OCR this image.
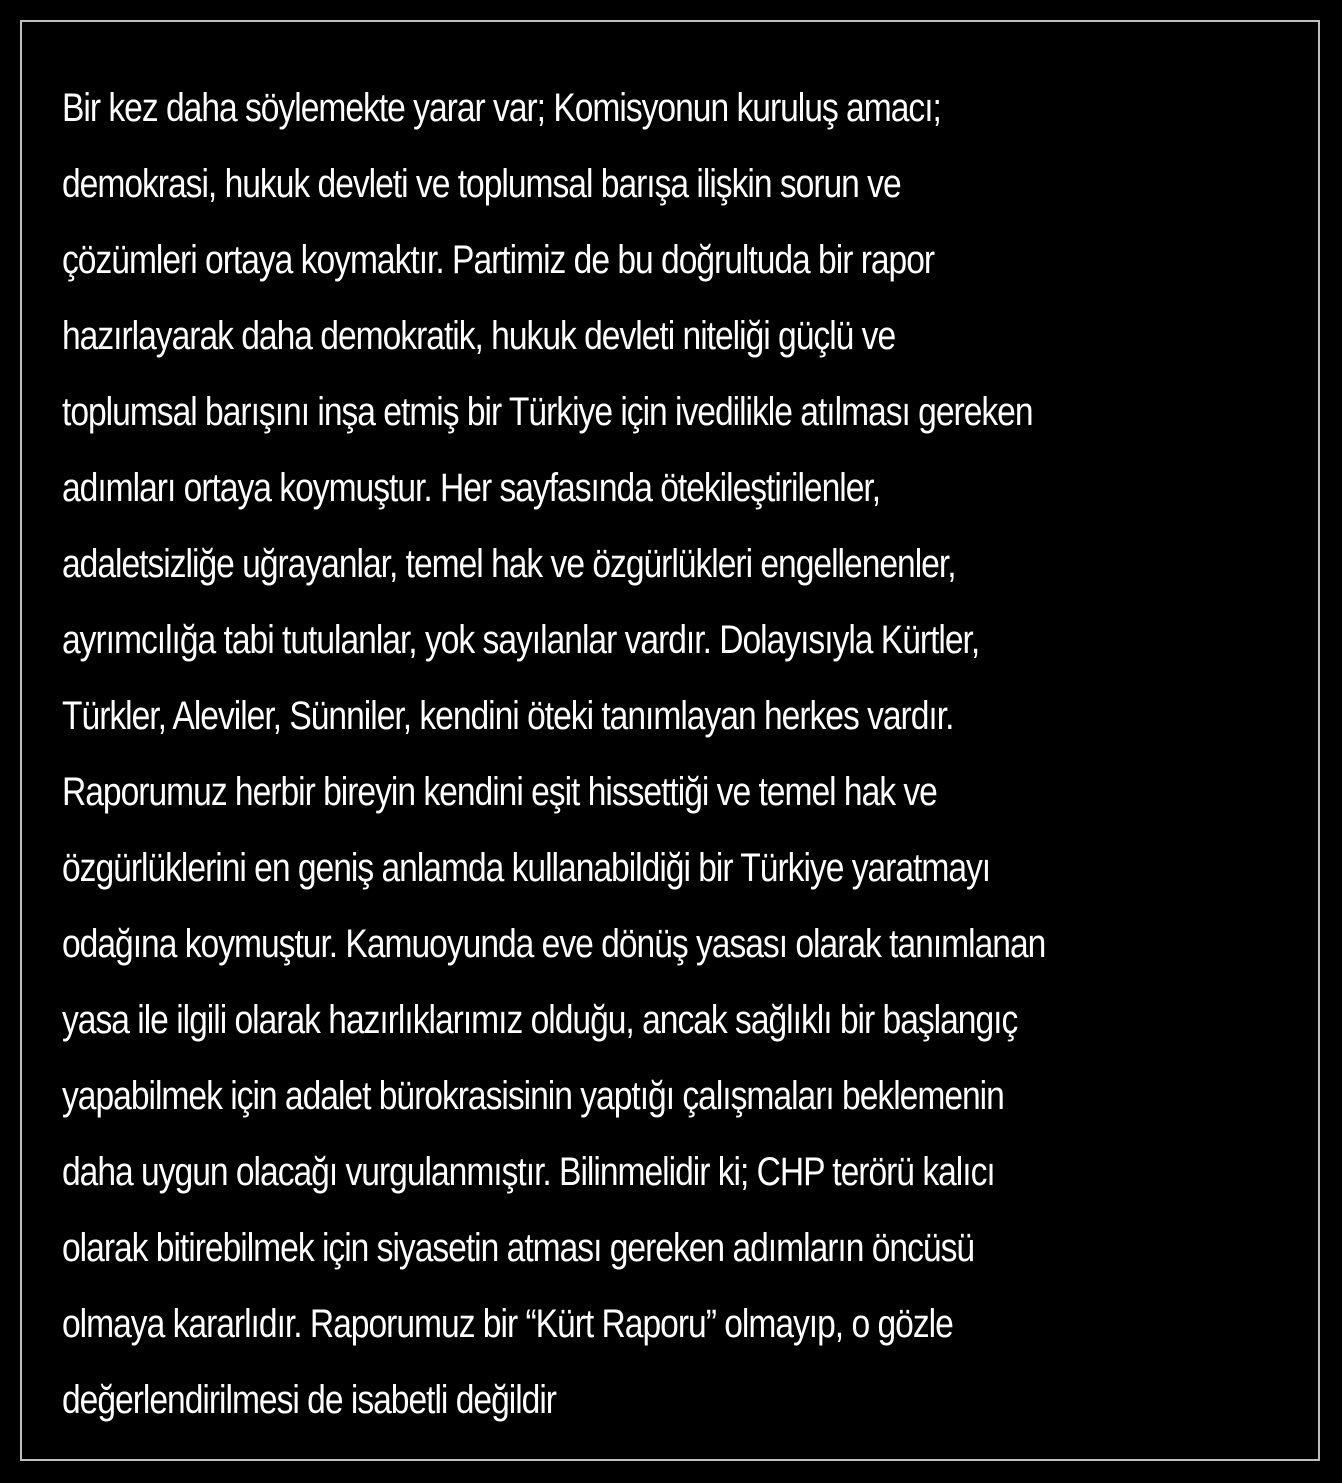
Bir kez daha söylemekte yarar var; Komisyonun kuruluş amacı;
demokrasi, hukuk devleti ve toplumsal barışa ilişkin sorun ve
çözümleri ortaya koymaktır. Partimiz de bu doğrultuda bir rapor
hazırlayarak daha demokratik, hukuk devleti niteliği güçlü ve
toplumsal barışını inşa etmiş bir Türkiye için ivedilikle atılması gereken
adımları ortaya koymuştur. Her sayfasında ötekileştirilenler,
adaletsizliğe uğrayanlar, temel hak ve özgürlükleri engellenenler,
ayrımcılığa tabi tutulanlar, yok sayılanlar vardır. Dolayısıyla Kürtler,
Türkler, Aleviler, Sünniler, kendini öteki tanımlayan herkes vardır.
Raporumuz herbir bireyin kendini eşit hissettiği ve temel hak ve
özgürlüklerini en geniş anlamda kullanabildiği bir Türkiye yaratmayı
odağına koymuştur. Kamuoyunda eve dönüş yasası olarak tanımlanan
yasa ile ilgili olarak hazırlıklarımız olduğu, ancak sağlıklı bir başlangıç
yapabilmek için adalet bürokrasisinin yaptığı çalışmaları beklemenin
daha uygun olacağı vurgulanmıştır. Bilinmelidir ki; CHP terörü kalıcı
olarak bitirebilmek için siyasetin atması gereken adımların öncüsü
olmaya kararlıdır. Raporumuz bir “Kürt Raporu” olmayıp, o gözle
değerlendirilmesi de isabetli değildir
